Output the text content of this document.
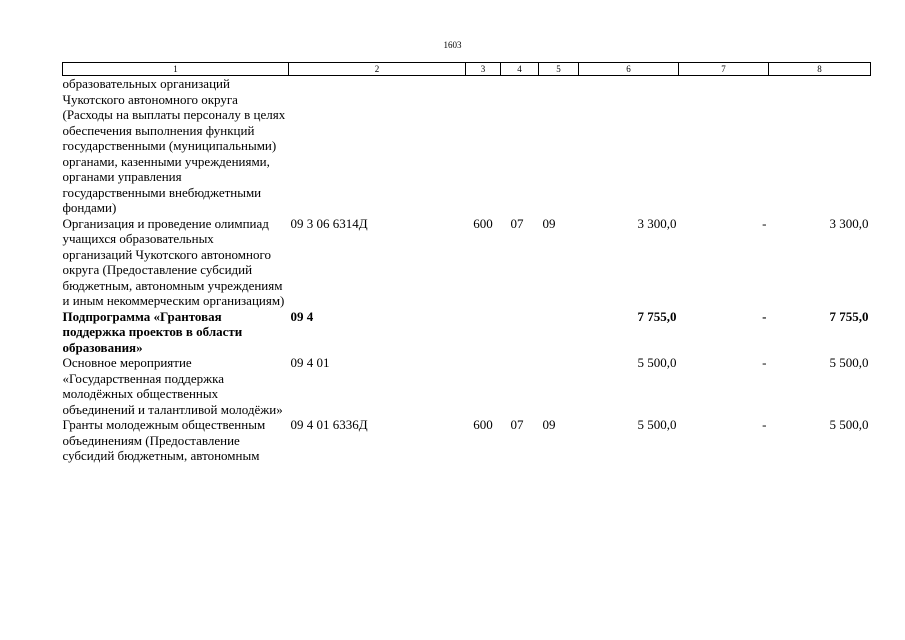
1603
1	2	3	4	5	6	7	8
образовательных организаций Чукотского автономного округа (Расходы на выплаты персоналу в целях обеспечения выполнения функций государственными (муниципальными) органами, казенными учреждениями, органами управления государственными внебюджетными фондами)							
Организация и проведение олимпиад учащихся образовательных организаций Чукотского автономного округа (Предоставление субсидий бюджетным, автономным учреждениям и иным некоммерческим организациям)	09 3 06 6314Д	600	07	09	3 300,0	-	3 300,0
Подпрограмма «Грантовая поддержка проектов в области образования»	09 4				7 755,0	-	7 755,0
Основное мероприятие «Государственная поддержка молодёжных общественных объединений и талантливой молодёжи»	09 4 01				5 500,0	-	5 500,0
Гранты молодежным общественным объединениям (Предоставление субсидий бюджетным, автономным	09 4 01 6336Д	600	07	09	5 500,0	-	5 500,0
